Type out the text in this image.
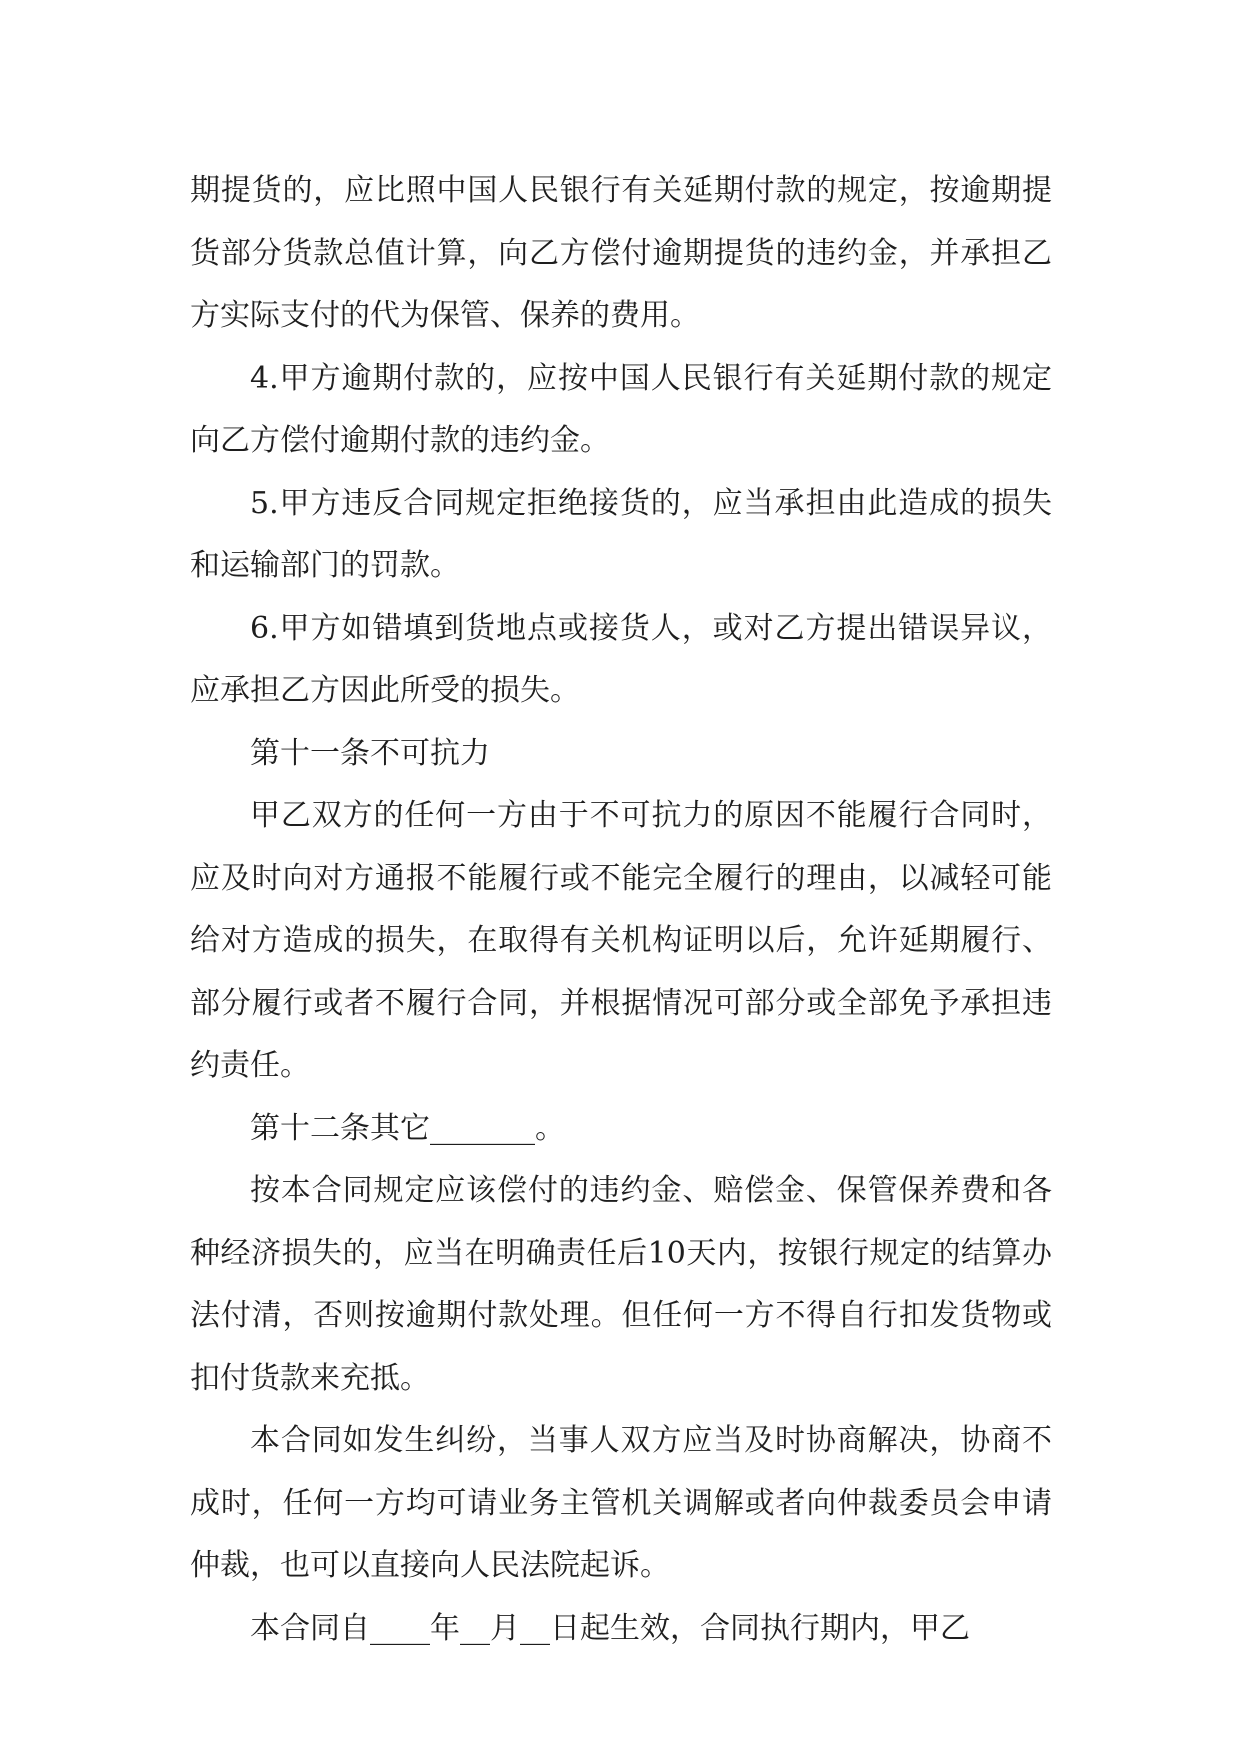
期提货的，应比照中国人民银行有关延期付款的规定，按逾期提货部分货款总值计算，向乙方偿付逾期提货的违约金，并承担乙方实际支付的代为保管、保养的费用。

4.甲方逾期付款的，应按中国人民银行有关延期付款的规定向乙方偿付逾期付款的违约金。

5.甲方违反合同规定拒绝接货的，应当承担由此造成的损失和运输部门的罚款。

6.甲方如错填到货地点或接货人，或对乙方提出错误异议，应承担乙方因此所受的损失。

第十一条不可抗力

甲乙双方的任何一方由于不可抗力的原因不能履行合同时，应及时向对方通报不能履行或不能完全履行的理由，以减轻可能给对方造成的损失，在取得有关机构证明以后，允许延期履行、部分履行或者不履行合同，并根据情况可部分或全部免予承担违约责任。

第十二条其它_______。

按本合同规定应该偿付的违约金、赔偿金、保管保养费和各种经济损失的，应当在明确责任后10天内，按银行规定的结算办法付清，否则按逾期付款处理。但任何一方不得自行扣发货物或扣付货款来充抵。

本合同如发生纠纷，当事人双方应当及时协商解决，协商不成时，任何一方均可请业务主管机关调解或者向仲裁委员会申请仲裁，也可以直接向人民法院起诉。

本合同自____年__月__日起生效，合同执行期内，甲乙
